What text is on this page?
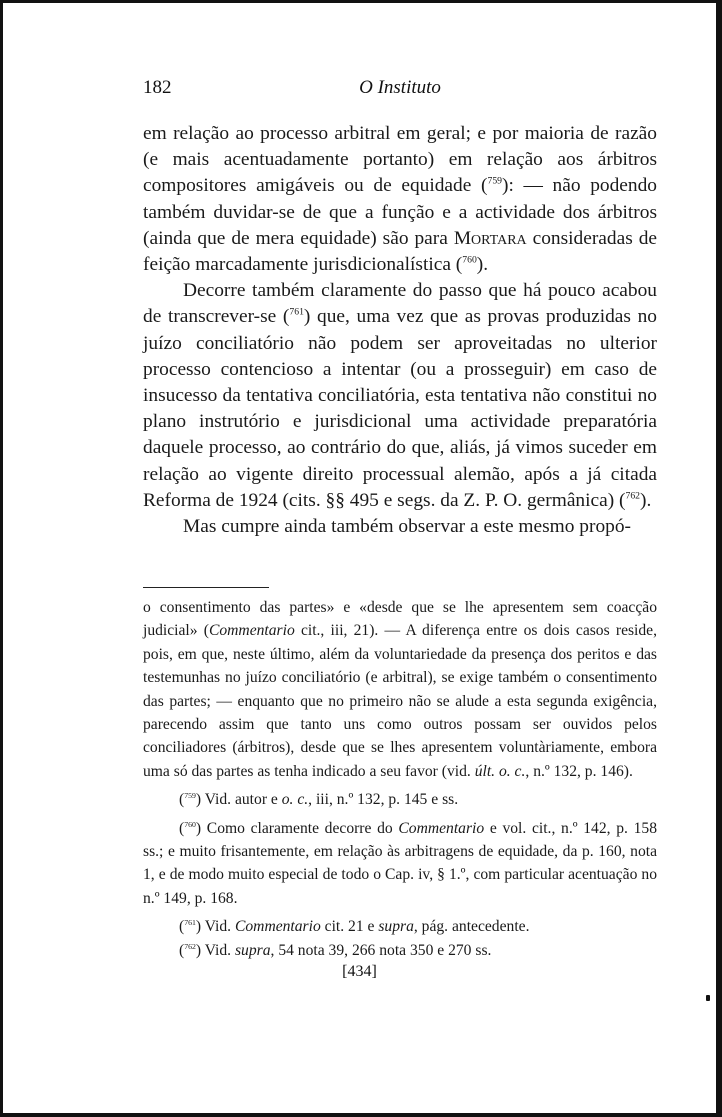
182	O Instituto

em relação ao processo arbitral em geral; e por maioria de razão (e mais acentuadamente portanto) em relação aos árbitros compositores amigáveis ou de equidade ($^{759}$): — não podendo também duvidar-se de que a função e a actividade dos árbitros (ainda que de mera equidade) são para Mortara consideradas de feição marcadamente jurisdicionalística ($^{760}$).

Decorre também claramente do passo que há pouco acabou de transcrever-se ($^{761}$) que, uma vez que as provas produzidas no juízo conciliatório não podem ser aproveitadas no ulterior processo contencioso a intentar (ou a prosseguir) em caso de insucesso da tentativa conciliatória, esta tentativa não constitui no plano instrutório e jurisdicional uma actividade preparatória daquele processo, ao contrário do que, aliás, já vimos suceder em relação ao vigente direito processual alemão, após a já citada Reforma de 1924 (cits. §§ 495 e segs. da Z. P. O. germânica) ($^{762}$).

Mas cumpre ainda também observar a este mesmo propó-

o consentimento das partes» e «desde que se lhe apresentem sem coacção judicial» (Commentario cit., iii, 21). — A diferença entre os dois casos reside, pois, em que, neste último, além da voluntariedade da presença dos peritos e das testemunhas no juízo conciliatório (e arbitral), se exige também o consentimento das partes; — enquanto que no primeiro não se alude a esta segunda exigência, parecendo assim que tanto uns como outros possam ser ouvidos pelos conciliadores (árbitros), desde que se lhes apresentem voluntàriamente, embora uma só das partes as tenha indicado a seu favor (vid. últ. o. c., n.º 132, p. 146).

($^{759}$) Vid. autor e o. c., iii, n.º 132, p. 145 e ss.

($^{760}$) Como claramente decorre do Commentario e vol. cit., n.º 142, p. 158 ss.; e muito frisantemente, em relação às arbitragens de equidade, da p. 160, nota 1, e de modo muito especial de todo o Cap. iv, § 1.º, com particular acentuação no n.º 149, p. 168.

($^{761}$) Vid. Commentario cit. 21 e supra, pág. antecedente.

($^{762}$) Vid. supra, 54 nota 39, 266 nota 350 e 270 ss.

[434]
